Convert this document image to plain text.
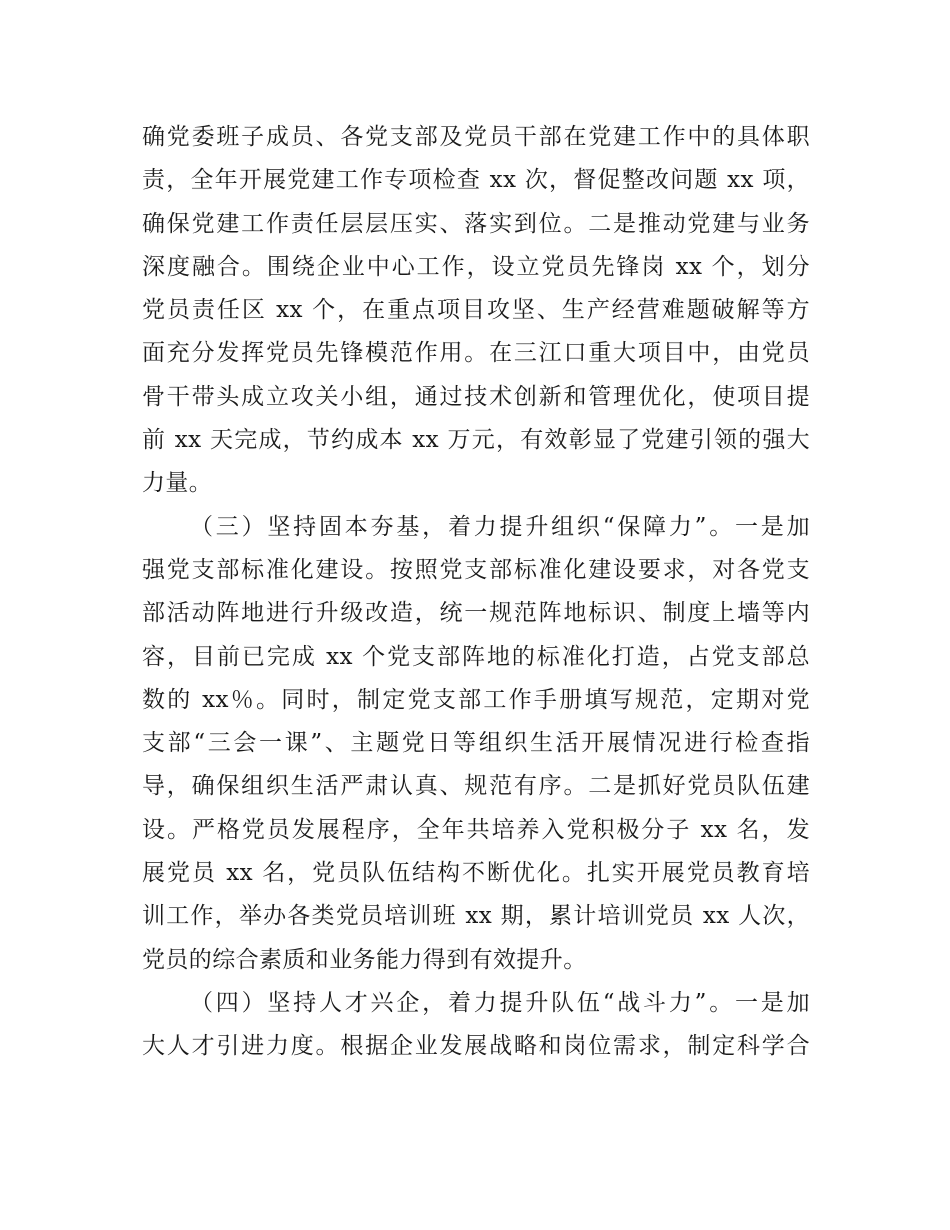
确党委班子成员、各党支部及党员干部在党建工作中的具体职
责，全年开展党建工作专项检查 xx 次，督促整改问题 xx 项，
确保党建工作责任层层压实、落实到位。二是推动党建与业务
深度融合。围绕企业中心工作，设立党员先锋岗 xx 个，划分
党员责任区 xx 个，在重点项目攻坚、生产经营难题破解等方
面充分发挥党员先锋模范作用。在三江口重大项目中，由党员
骨干带头成立攻关小组，通过技术创新和管理优化，使项目提
前 xx 天完成，节约成本 xx 万元，有效彰显了党建引领的强大
力量。
（三）坚持固本夯基，着力提升组织“保障力”。一是加
强党支部标准化建设。按照党支部标准化建设要求，对各党支
部活动阵地进行升级改造，统一规范阵地标识、制度上墙等内
容，目前已完成 xx 个党支部阵地的标准化打造，占党支部总
数的 xx％。同时，制定党支部工作手册填写规范，定期对党
支部“三会一课”、主题党日等组织生活开展情况进行检查指
导，确保组织生活严肃认真、规范有序。二是抓好党员队伍建
设。严格党员发展程序，全年共培养入党积极分子 xx 名，发
展党员 xx 名，党员队伍结构不断优化。扎实开展党员教育培
训工作，举办各类党员培训班 xx 期，累计培训党员 xx 人次，
党员的综合素质和业务能力得到有效提升。
（四）坚持人才兴企，着力提升队伍“战斗力”。一是加
大人才引进力度。根据企业发展战略和岗位需求，制定科学合
